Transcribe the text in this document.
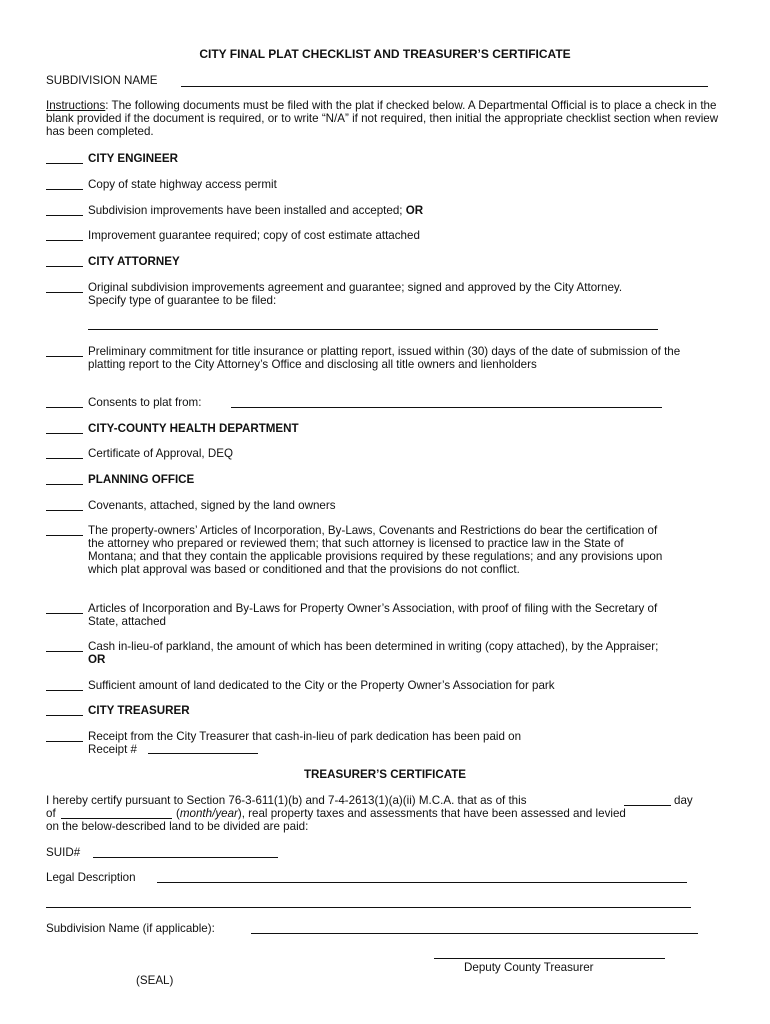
CITY FINAL PLAT CHECKLIST AND TREASURER’S CERTIFICATE
SUBDIVISION NAME
Instructions: The following documents must be filed with the plat if checked below. A Departmental Official is to place a check in the blank provided if the document is required, or to write “N/A” if not required, then initial the appropriate checklist section when review has been completed.
CITY ENGINEER
Copy of state highway access permit
Subdivision improvements have been installed and accepted; OR
Improvement guarantee required; copy of cost estimate attached
CITY ATTORNEY
Original subdivision improvements agreement and guarantee; signed and approved by the City Attorney. Specify type of guarantee to be filed:
Preliminary commitment for title insurance or platting report, issued within (30) days of the date of submission of the platting report to the City Attorney’s Office and disclosing all title owners and lienholders
Consents to plat from:
CITY-COUNTY HEALTH DEPARTMENT
Certificate of Approval, DEQ
PLANNING OFFICE
Covenants, attached, signed by the land owners
The property-owners’ Articles of Incorporation, By-Laws, Covenants and Restrictions do bear the certification of the attorney who prepared or reviewed them; that such attorney is licensed to practice law in the State of Montana; and that they contain the applicable provisions required by these regulations; and any provisions upon which plat approval was based or conditioned and that the provisions do not conflict.
Articles of Incorporation and By-Laws for Property Owner’s Association, with proof of filing with the Secretary of State, attached
Cash in-lieu-of parkland, the amount of which has been determined in writing (copy attached), by the Appraiser; OR
Sufficient amount of land dedicated to the City or the Property Owner’s Association for park
CITY TREASURER
Receipt from the City Treasurer that cash-in-lieu of park dedication has been paid on
Receipt #
TREASURER’S CERTIFICATE
I hereby certify pursuant to Section 76-3-611(1)(b) and 7-4-2613(1)(a)(ii) M.C.A. that as of this	day
of	(month/year), real property taxes and assessments that have been assessed and levied
on the below-described land to be divided are paid:
SUID#
Legal Description
Subdivision Name (if applicable):
Deputy County Treasurer
(SEAL)
